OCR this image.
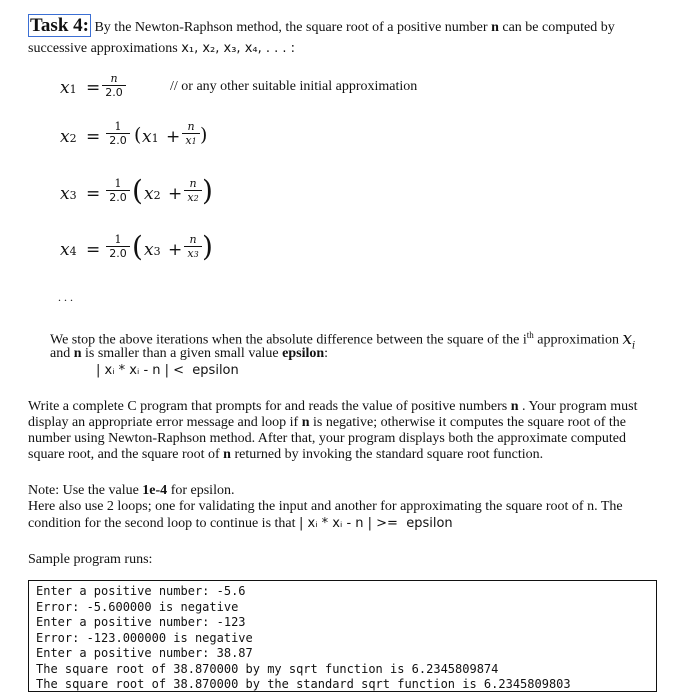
Task 4: By the Newton-Raphson method, the square root of a positive number n can be computed by
successive approximations x₁, x₂, x₃, x₄, . . . :
x1 = n
2.0	// or any other suitable initial approximation
x2 =
1
2.0 ( x1 +
n
x1 )
x3 =
1
2.0 ( x2 +
n
x2 )
x4 =
1
2.0 ( x3 +
n
x3 )
. . .
We stop the above iterations when the absolute difference between the square of the $i^{th}$ approximation $x_i$
and n is smaller than a given small value epsilon:
| xᵢ * xᵢ - n | <  epsilon
Write a complete C program that prompts for and reads the value of positive numbers n . Your program must
display an appropriate error message and loop if n is negative; otherwise it computes the square root of the
number using Newton-Raphson method. After that, your program displays both the approximate computed
square root, and the square root of n returned by invoking the standard square root function.
Note: Use the value 1e-4 for epsilon.
Here also use 2 loops; one for validating the input and another for approximating the square root of n. The
condition for the second loop to continue is that | xᵢ * xᵢ - n | >=  epsilon
Sample program runs:
Enter a positive number: -5.6
Error: -5.600000 is negative
Enter a positive number: -123
Error: -123.000000 is negative
Enter a positive number: 38.87
The square root of 38.870000 by my sqrt function is 6.2345809874
The square root of 38.870000 by the standard sqrt function is 6.2345809803
